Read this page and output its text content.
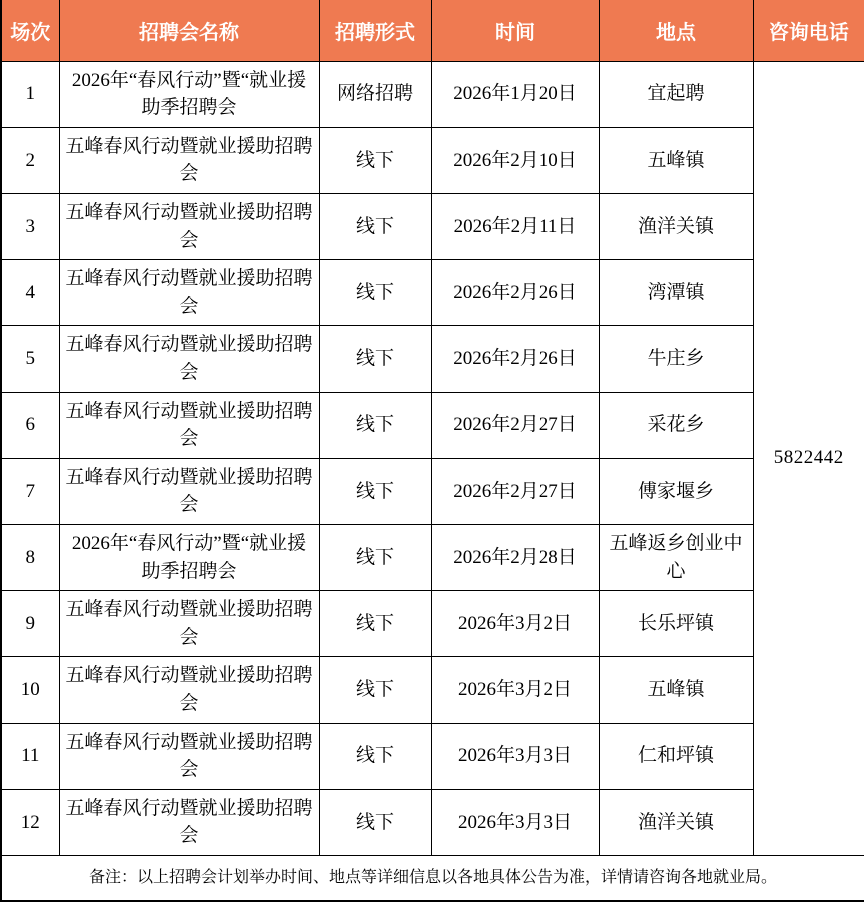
场次	招聘会名称	招聘形式	时间	地点	咨询电话
1	2026年“春风行动”暨“就业援助季招聘会	网络招聘	2026年1月20日	宜起聘	5822442
2	五峰春风行动暨就业援助招聘会	线下	2026年2月10日	五峰镇	
3	五峰春风行动暨就业援助招聘会	线下	2026年2月11日	渔洋关镇	
4	五峰春风行动暨就业援助招聘会	线下	2026年2月26日	湾潭镇	
5	五峰春风行动暨就业援助招聘会	线下	2026年2月26日	牛庄乡	
6	五峰春风行动暨就业援助招聘会	线下	2026年2月27日	采花乡	
7	五峰春风行动暨就业援助招聘会	线下	2026年2月27日	傅家堰乡	
8	2026年“春风行动”暨“就业援助季招聘会	线下	2026年2月28日	五峰返乡创业中心	
9	五峰春风行动暨就业援助招聘会	线下	2026年3月2日	长乐坪镇	
10	五峰春风行动暨就业援助招聘会	线下	2026年3月2日	五峰镇	
11	五峰春风行动暨就业援助招聘会	线下	2026年3月3日	仁和坪镇	
12	五峰春风行动暨就业援助招聘会	线下	2026年3月3日	渔洋关镇	
备注：以上招聘会计划举办时间、地点等详细信息以各地具体公告为准，详情请咨询各地就业局。					
